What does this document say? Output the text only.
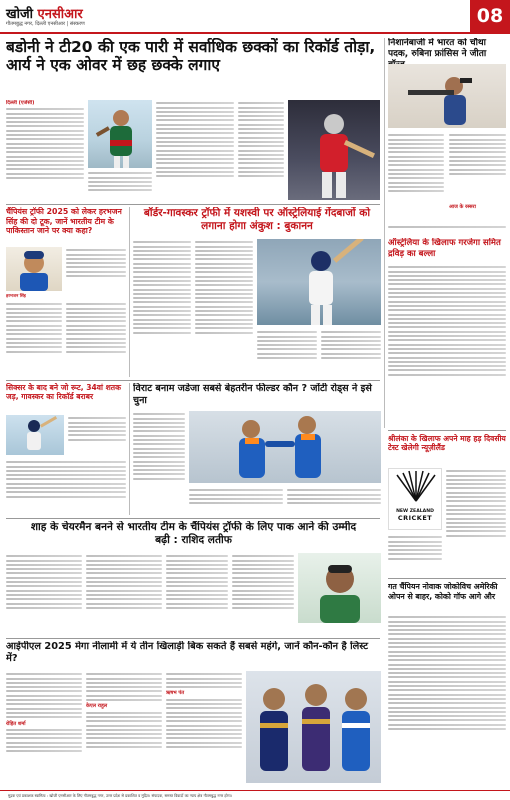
खोजी एनसीआर
गौतमबुद्ध नगर, दिल्ली एनसीआर | संस्करण	08
बडोनी ने टी20 की एक पारी में सर्वाधिक छक्कों का रिकॉर्ड तोड़ा, आर्य ने एक ओवर में छह छक्के लगाए
दिल्ली (एजेंसी)
निशानेबाजी में भारत को चौथा पदक, रुबिना फ्रांसिस ने जीता
आज के रस्सरा
चैंपियंस ट्रॉफी 2025 को लेकर हरभजन सिंह की दो टूक, जानें भारतीय टीम के पाकिस्तान जाने पर क्या कहा?
हरभजन सिंह
बॉर्डर-गावस्कर ट्रॉफी में यशस्वी पर ऑस्ट्रेलियाई गेंदबाजों को लगाना होगा अंकुश : बुकानन
ऑस्ट्रेलिया के खिलाफ गरजेगा समित द्रविड़ का बल्ला
सिक्सर के बाद बने जो रूट, 34वां शतक जड़, गावस्कर का रिकॉर्ड बराबर
विराट बनाम जडेजा सबसे बेहतरीन फील्डर कौन ? जोंटी रोड्स ने इसे चुना
श्रीलंका के खिलाफ अपने माह हड़ दिवसीय टेस्ट खेलेगी न्यूज़ीलैंड
NEW ZEALAND
CRICKET
शाह के चेयरमैन बनने से भारतीय टीम के चैंपियंस ट्रॉफी के लिए पाक आने की उम्मीद बढ़ी : राशिद लतीफ
गत चैंपियन नोवाक जोकोविच अमेरिकी ओपन से बाहर, कोको गॉफ आगे और
आईपीएल 2025 मेगा नीलामी में ये तीन खिलाड़ी बिक सकते हैं सबसे महंगे, जानें कौन-कौन है लिस्ट में?
रोहित शर्मा
केएल राहुल
ऋषभ पंत
मुद्रक एवं प्रकाशक स्वामित्व : खोजी एनसीआर के लिए गौतमबुद्ध नगर, उत्तर प्रदेश से प्रकाशित व मुद्रित। संपादक, समस्त विवादों का न्याय क्षेत्र गौतमबुद्ध नगर होगा।
